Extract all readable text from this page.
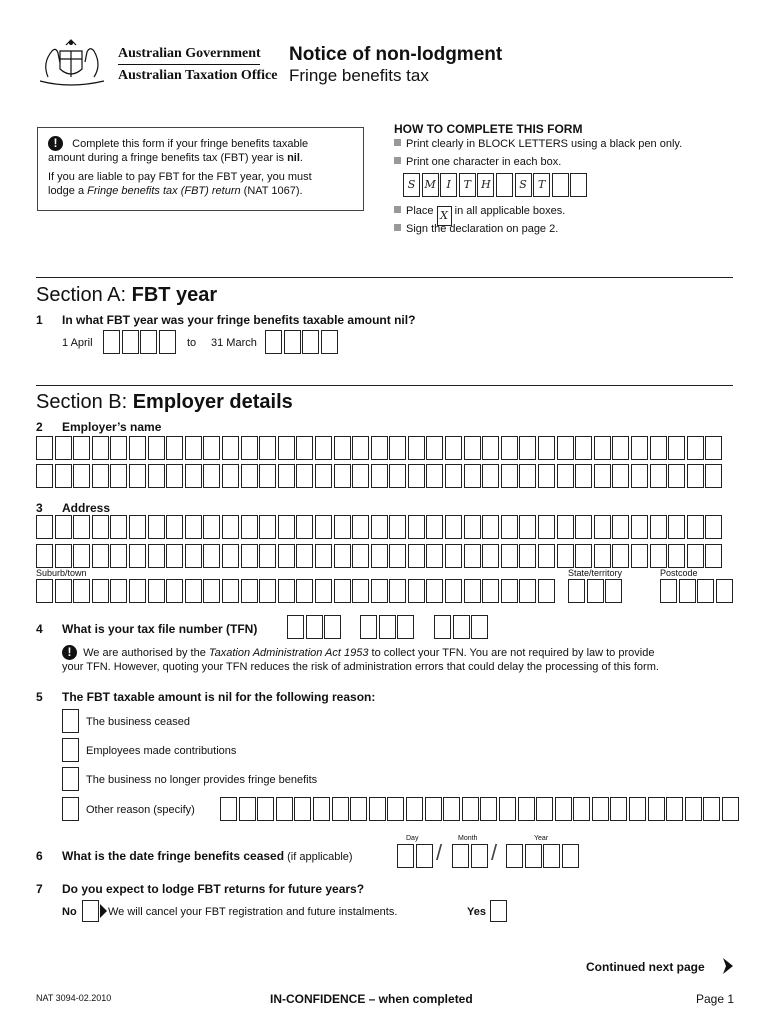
Australian Government
Australian Taxation Office
Notice of non-lodgment
Fringe benefits tax
! Complete this form if your fringe benefits taxable
amount during a fringe benefits tax (FBT) year is nil.
If you are liable to pay FBT for the FBT year, you must
lodge a Fringe benefits tax (FBT) return (NAT 1067).
HOW TO COMPLETE THIS FORM
Print clearly in BLOCK LETTERS using a black pen only.
Print one character in each box.
S M I	T H	S	T
Place X in all applicable boxes.
Sign the declaration on page 2.
Section A: FBT year
1 In what FBT year was your fringe benefits taxable amount nil?
1 April	to 31 March
Section B: Employer details
2 Employer’s name
3 Address
Suburb/town	State/territory	Postcode
4 What is your tax file number (TFN)
! We are authorised by the Taxation Administration Act 1953 to collect your TFN. You are not required by law to provide
your TFN. However, quoting your TFN reduces the risk of administration errors that could delay the processing of this form.
5 The FBT taxable amount is nil for the following reason:
The business ceased
Employees made contributions
The business no longer provides fringe benefits
Other reason (specify)
Day	Month	Year
6 What is the date fringe benefits ceased (if applicable)	/ /
7 Do you expect to lodge FBT returns for future years?
No	We will cancel your FBT registration and future instalments.	Yes
Continued next page
NAT 3094-02.2010	IN-CONFIDENCE – when completed	Page 1
